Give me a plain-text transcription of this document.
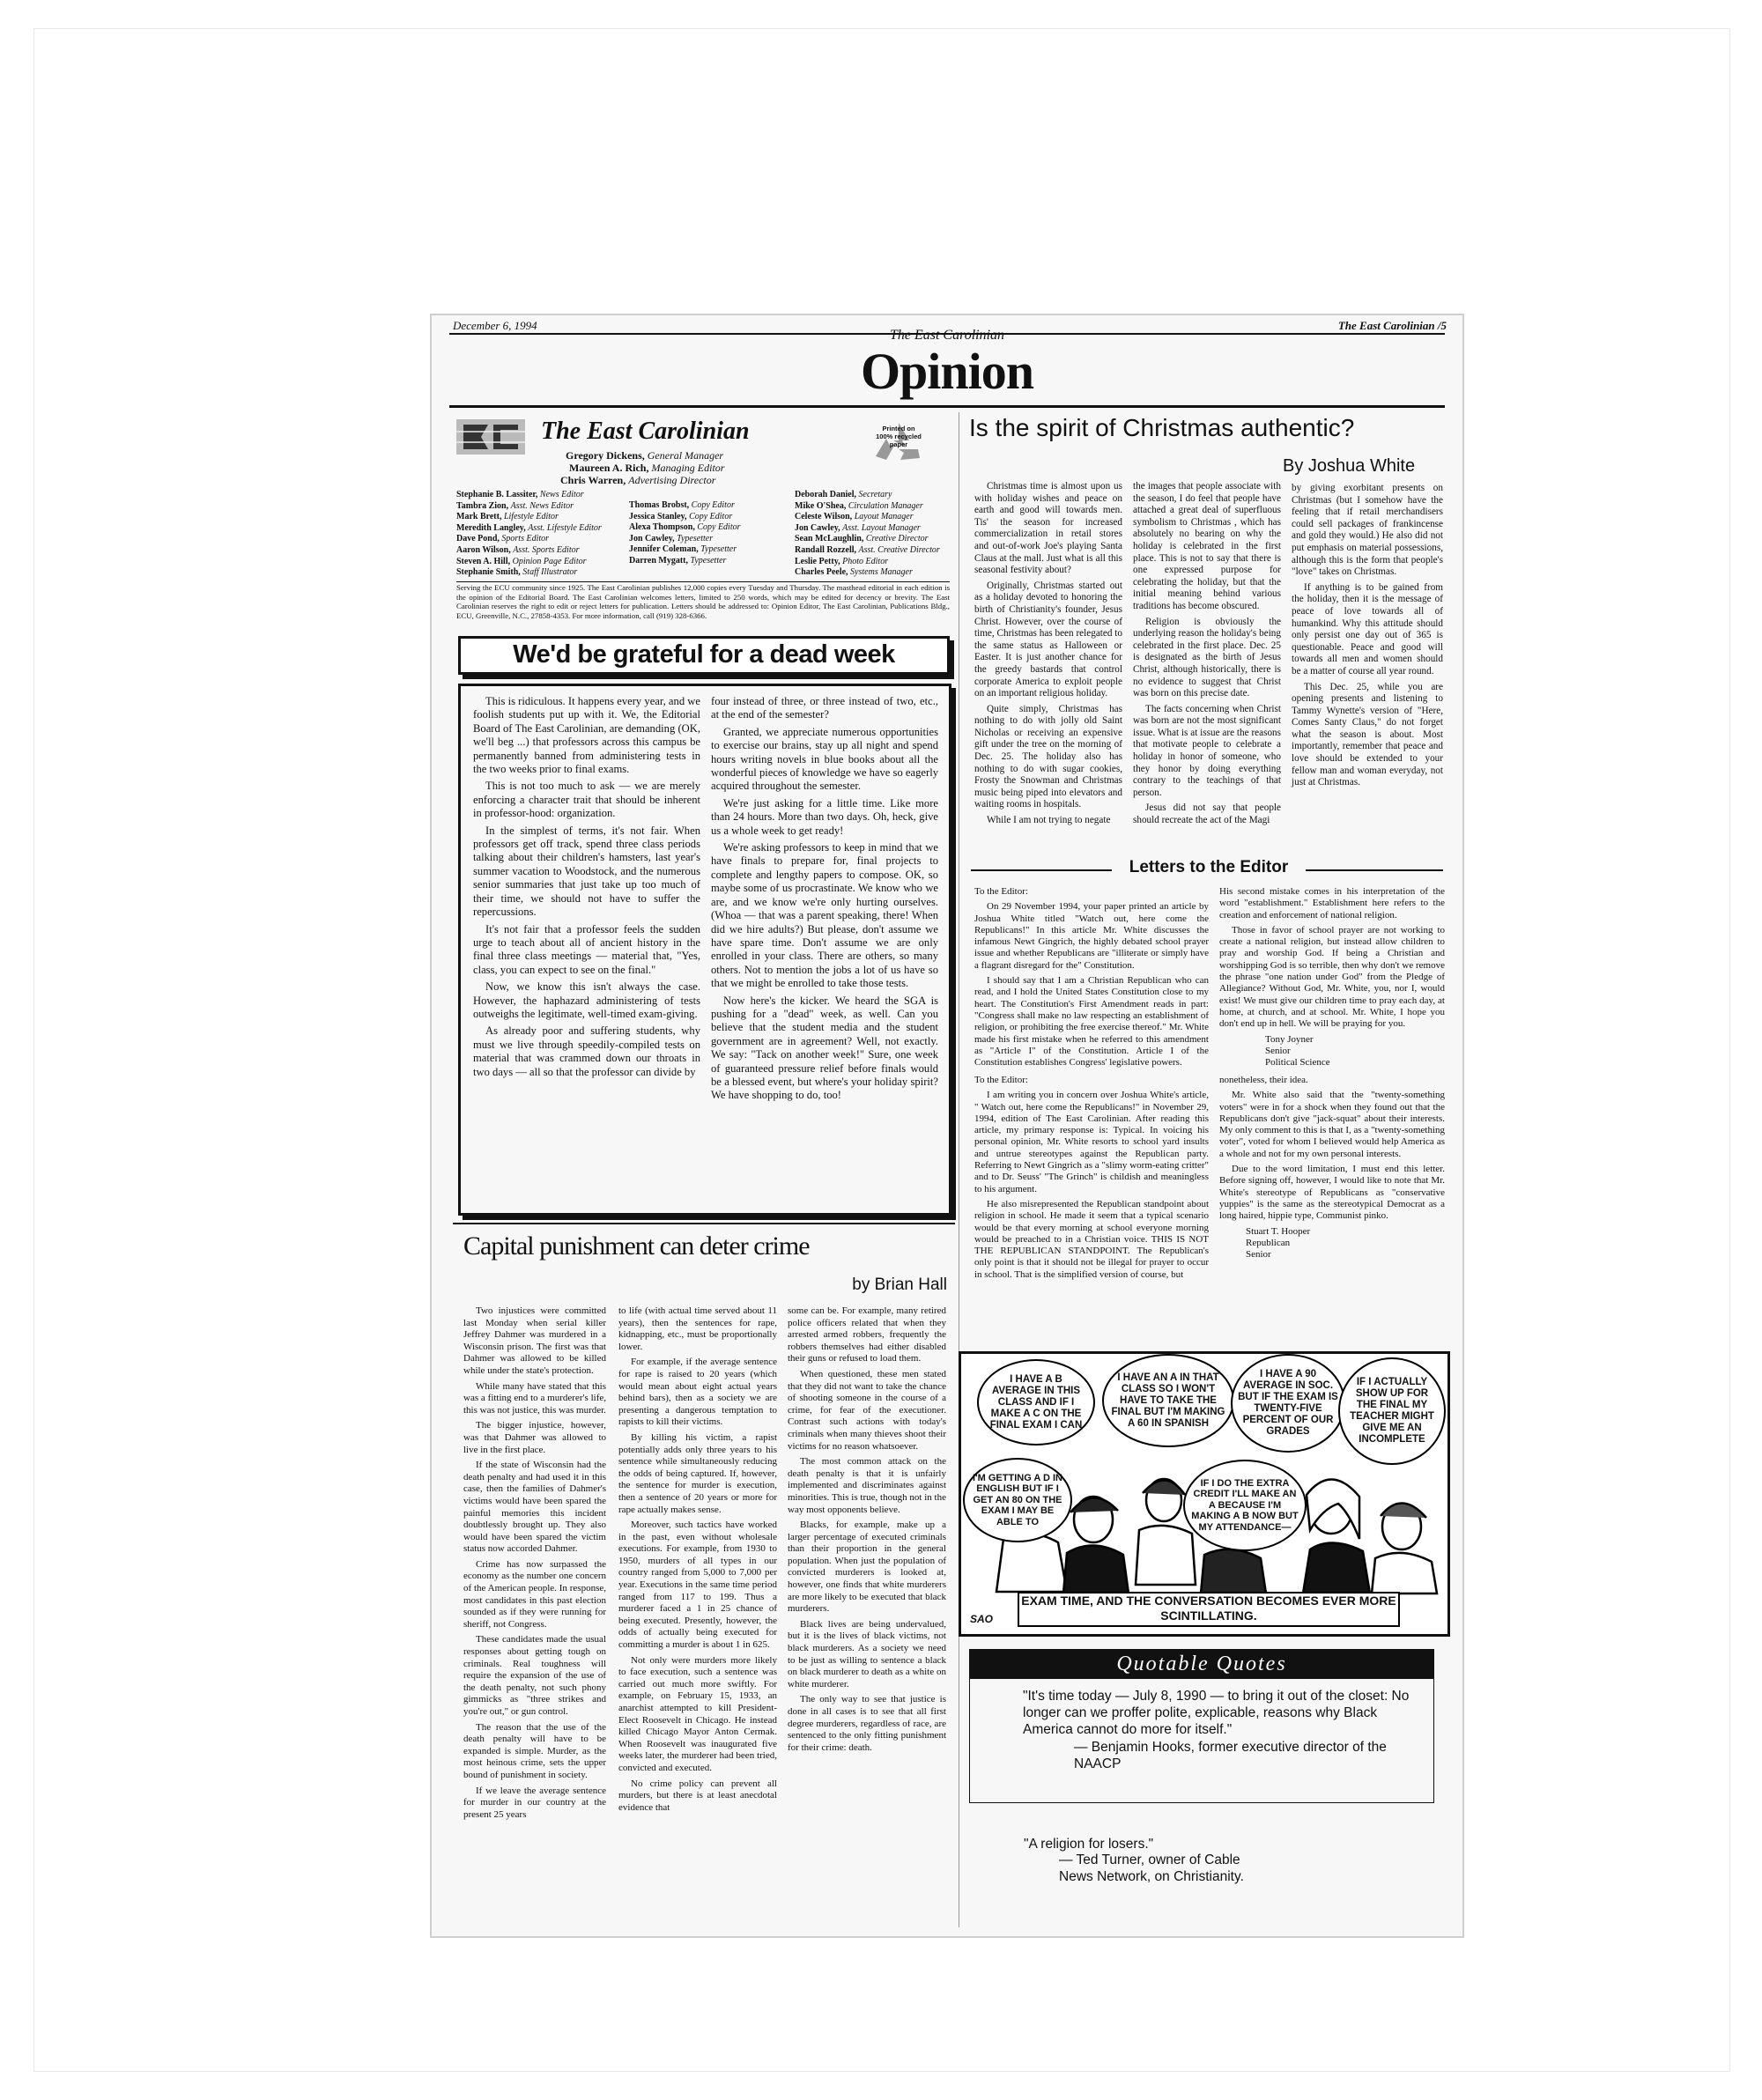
December 6, 1994	The East Carolinian /5
The East Carolinian
Opinion
The East Carolinian	Printed on 100% recycled paper
Gregory Dickens, General Manager
Maureen A. Rich, Managing Editor
Chris Warren, Advertising Director
Stephanie B. Lassiter, News Editor
Tambra Zion, Asst. News Editor
Mark Brett, Lifestyle Editor
Meredith Langley, Asst. Lifestyle Editor
Dave Pond, Sports Editor
Aaron Wilson, Asst. Sports Editor
Steven A. Hill, Opinion Page Editor
Stephanie Smith, Staff Illustrator
Thomas Brobst, Copy Editor
Jessica Stanley, Copy Editor
Alexa Thompson, Copy Editor
Jon Cawley, Typesetter
Jennifer Coleman, Typesetter
Darren Mygatt, Typesetter
Deborah Daniel, Secretary
Mike O'Shea, Circulation Manager
Celeste Wilson, Layout Manager
Jon Cawley, Asst. Layout Manager
Sean McLaughlin, Creative Director
Randall Rozzell, Asst. Creative Director
Leslie Petty, Photo Editor
Charles Peele, Systems Manager
Serving the ECU community since 1925. The East Carolinian publishes 12,000 copies every Tuesday and Thursday. The masthead editorial in each edition is the opinion of the Editorial Board. The East Carolinian welcomes letters, limited to 250 words, which may be edited for decency or brevity. The East Carolinian reserves the right to edit or reject letters for publication. Letters should be addressed to: Opinion Editor, The East Carolinian, Publications Bldg., ECU, Greenville, N.C., 27858-4353. For more information, call (919) 328-6366.
We'd be grateful for a dead week

This is ridiculous. It happens every year, and we foolish students put up with it. We, the Editorial Board of The East Carolinian, are demanding (OK, we'll beg ...) that professors across this campus be permanently banned from administering tests in the two weeks prior to final exams.

This is not too much to ask — we are merely enforcing a character trait that should be inherent in professor-hood: organization.

In the simplest of terms, it's not fair. When professors get off track, spend three class periods talking about their children's hamsters, last year's summer vacation to Woodstock, and the numerous senior summaries that just take up too much of their time, we should not have to suffer the repercussions.

It's not fair that a professor feels the sudden urge to teach about all of ancient history in the final three class meetings — material that, "Yes, class, you can expect to see on the final."

Now, we know this isn't always the case. However, the haphazard administering of tests outweighs the legitimate, well-timed exam-giving.

As already poor and suffering students, why must we live through speedily-compiled tests on material that was crammed down our throats in two days — all so that the professor can divide by

four instead of three, or three instead of two, etc., at the end of the semester?

Granted, we appreciate numerous opportunities to exercise our brains, stay up all night and spend hours writing novels in blue books about all the wonderful pieces of knowledge we have so eagerly acquired throughout the semester.

We're just asking for a little time. Like more than 24 hours. More than two days. Oh, heck, give us a whole week to get ready!

We're asking professors to keep in mind that we have finals to prepare for, final projects to complete and lengthy papers to compose. OK, so maybe some of us procrastinate. We know who we are, and we know we're only hurting ourselves. (Whoa — that was a parent speaking, there! When did we hire adults?) But please, don't assume we have spare time. Don't assume we are only enrolled in your class. There are others, so many others. Not to mention the jobs a lot of us have so that we might be enrolled to take those tests.

Now here's the kicker. We heard the SGA is pushing for a "dead" week, as well. Can you believe that the student media and the student government are in agreement? Well, not exactly. We say: "Tack on another week!" Sure, one week of guaranteed pressure relief before finals would be a blessed event, but where's your holiday spirit? We have shopping to do, too!

Capital punishment can deter crime
by Brian Hall

Two injustices were committed last Monday when serial killer Jeffrey Dahmer was murdered in a Wisconsin prison. The first was that Dahmer was allowed to be killed while under the state's protection.

While many have stated that this was a fitting end to a murderer's life, this was not justice, this was murder.

The bigger injustice, however, was that Dahmer was allowed to live in the first place.

If the state of Wisconsin had the death penalty and had used it in this case, then the families of Dahmer's victims would have been spared the painful memories this incident doubtlessly brought up. They also would have been spared the victim status now accorded Dahmer.

Crime has now surpassed the economy as the number one concern of the American people. In response, most candidates in this past election sounded as if they were running for sheriff, not Congress.

These candidates made the usual responses about getting tough on criminals. Real toughness will require the expansion of the use of the death penalty, not such phony gimmicks as "three strikes and you're out," or gun control.

The reason that the use of the death penalty will have to be expanded is simple. Murder, as the most heinous crime, sets the upper bound of punishment in society.

If we leave the average sentence for murder in our country at the present 25 years

to life (with actual time served about 11 years), then the sentences for rape, kidnapping, etc., must be proportionally lower.

For example, if the average sentence for rape is raised to 20 years (which would mean about eight actual years behind bars), then as a society we are presenting a dangerous temptation to rapists to kill their victims.

By killing his victim, a rapist potentially adds only three years to his sentence while simultaneously reducing the odds of being captured. If, however, the sentence for murder is execution, then a sentence of 20 years or more for rape actually makes sense.

Moreover, such tactics have worked in the past, even without wholesale executions. For example, from 1930 to 1950, murders of all types in our country ranged from 5,000 to 7,000 per year. Executions in the same time period ranged from 117 to 199. Thus a murderer faced a 1 in 25 chance of being executed. Presently, however, the odds of actually being executed for committing a murder is about 1 in 625.

Not only were murders more likely to face execution, such a sentence was carried out much more swiftly. For example, on February 15, 1933, an anarchist attempted to kill President-Elect Roosevelt in Chicago. He instead killed Chicago Mayor Anton Cermak. When Roosevelt was inaugurated five weeks later, the murderer had been tried, convicted and executed.

No crime policy can prevent all murders, but there is at least anecdotal evidence that

some can be. For example, many retired police officers related that when they arrested armed robbers, frequently the robbers themselves had either disabled their guns or refused to load them.

When questioned, these men stated that they did not want to take the chance of shooting someone in the course of a crime, for fear of the executioner. Contrast such actions with today's criminals when many thieves shoot their victims for no reason whatsoever.

The most common attack on the death penalty is that it is unfairly implemented and discriminates against minorities. This is true, though not in the way most opponents believe.

Blacks, for example, make up a larger percentage of executed criminals than their proportion in the general population. When just the population of convicted murderers is looked at, however, one finds that white murderers are more likely to be executed that black murderers.

Black lives are being undervalued, but it is the lives of black victims, not black murderers. As a society we need to be just as willing to sentence a black on black murderer to death as a white on white murderer.

The only way to see that justice is done in all cases is to see that all first degree murderers, regardless of race, are sentenced to the only fitting punishment for their crime: death.

Is the spirit of Christmas authentic?
By Joshua White

Christmas time is almost upon us with holiday wishes and peace on earth and good will towards men. Tis' the season for increased commercialization in retail stores and out-of-work Joe's playing Santa Claus at the mall. Just what is all this seasonal festivity about?

Originally, Christmas started out as a holiday devoted to honoring the birth of Christianity's founder, Jesus Christ. However, over the course of time, Christmas has been relegated to the same status as Halloween or Easter. It is just another chance for the greedy bastards that control corporate America to exploit people on an important religious holiday.

Quite simply, Christmas has nothing to do with jolly old Saint Nicholas or receiving an expensive gift under the tree on the morning of Dec. 25. The holiday also has nothing to do with sugar cookies, Frosty the Snowman and Christmas music being piped into elevators and waiting rooms in hospitals.

While I am not trying to negate

the images that people associate with the season, I do feel that people have attached a great deal of superfluous symbolism to Christmas , which has absolutely no bearing on why the holiday is celebrated in the first place. This is not to say that there is one expressed purpose for celebrating the holiday, but that the initial meaning behind various traditions has become obscured.

Religion is obviously the underlying reason the holiday's being celebrated in the first place. Dec. 25 is designated as the birth of Jesus Christ, although historically, there is no evidence to suggest that Christ was born on this precise date.

The facts concerning when Christ was born are not the most significant issue. What is at issue are the reasons that motivate people to celebrate a holiday in honor of someone, who they honor by doing everything contrary to the teachings of that person.

Jesus did not say that people should recreate the act of the Magi

by giving exorbitant presents on Christmas (but I somehow have the feeling that if retail merchandisers could sell packages of frankincense and gold they would.) He also did not put emphasis on material possessions, although this is the form that people's "love" takes on Christmas.

If anything is to be gained from the holiday, then it is the message of peace of love towards all of humankind. Why this attitude should only persist one day out of 365 is questionable. Peace and good will towards all men and women should be a matter of course all year round.

This Dec. 25, while you are opening presents and listening to Tammy Wynette's version of "Here, Comes Santy Claus," do not forget what the season is about. Most importantly, remember that peace and love should be extended to your fellow man and woman everyday, not just at Christmas.

Letters to the Editor

To the Editor:

On 29 November 1994, your paper printed an article by Joshua White titled "Watch out, here come the Republicans!" In this article Mr. White discusses the infamous Newt Gingrich, the highly debated school prayer issue and whether Republicans are "illiterate or simply have a flagrant disregard for the" Constitution.

I should say that I am a Christian Republican who can read, and I hold the United States Constitution close to my heart. The Constitution's First Amendment reads in part: "Congress shall make no law respecting an establishment of religion, or prohibiting the free exercise thereof." Mr. White made his first mistake when he referred to this amendment as "Article I" of the Constitution. Article I of the Constitution establishes Congress' legislative powers.

His second mistake comes in his interpretation of the word "establishment." Establishment here refers to the creation and enforcement of national religion.

Those in favor of school prayer are not working to create a national religion, but instead allow children to pray and worship God. If being a Christian and worshipping God is so terrible, then why don't we remove the phrase "one nation under God" from the Pledge of Allegiance? Without God, Mr. White, you, nor I, would exist! We must give our children time to pray each day, at home, at church, and at school. Mr. White, I hope you don't end up in hell. We will be praying for you.

Tony Joyner
Senior
Political Science

To the Editor:

I am writing you in concern over Joshua White's article, " Watch out, here come the Republicans!" in November 29, 1994, edition of The East Carolinian. After reading this article, my primary response is: Typical. In voicing his personal opinion, Mr. White resorts to school yard insults and untrue stereotypes against the Republican party. Referring to Newt Gingrich as a "slimy worm-eating critter" and to Dr. Seuss' "The Grinch" is childish and meaningless to his argument.

He also misrepresented the Republican standpoint about religion in school. He made it seem that a typical scenario would be that every morning at school everyone morning would be preached to in a Christian voice. THIS IS NOT THE REPUBLICAN STANDPOINT. The Republican's only point is that it should not be illegal for prayer to occur in school. That is the simplified version of course, but

nonetheless, their idea.

Mr. White also said that the "twenty-something voters" were in for a shock when they found out that the Republicans don't give "jack-squat" about their interests. My only comment to this is that I, as a "twenty-something voter", voted for whom I believed would help America as a whole and not for my own personal interests.

Due to the word limitation, I must end this letter. Before signing off, however, I would like to note that Mr. White's stereotype of Republicans as "conservative yuppies" is the same as the stereotypical Democrat as a long haired, hippie type, Communist pinko.

Stuart T. Hooper
Republican
Senior
I HAVE A B AVERAGE IN THIS CLASS AND IF I MAKE A C ON THE FINAL EXAM I CAN
I HAVE AN A IN THAT CLASS SO I WON'T HAVE TO TAKE THE FINAL BUT I'M MAKING A 60 IN SPANISH
I HAVE A 90 AVERAGE IN SOC. BUT IF THE EXAM IS TWENTY-FIVE PERCENT OF OUR GRADES
IF I ACTUALLY SHOW UP FOR THE FINAL MY TEACHER MIGHT GIVE ME AN INCOMPLETE
I'M GETTING A D IN ENGLISH BUT IF I GET AN 80 ON THE EXAM I MAY BE ABLE TO
IF I DO THE EXTRA CREDIT I'LL MAKE AN A BECAUSE I'M MAKING A B NOW BUT MY ATTENDANCE—
EXAM TIME, AND THE CONVERSATION BECOMES EVER MORE SCINTILLATING.
SAO
Quotable Quotes
"It's time today — July 8, 1990 — to bring it out of the closet: No longer can we proffer polite, explicable, reasons why Black America cannot do more for itself."
— Benjamin Hooks, former executive director of the NAACP
"A religion for losers."
— Ted Turner, owner of Cable News Network, on Christianity.
